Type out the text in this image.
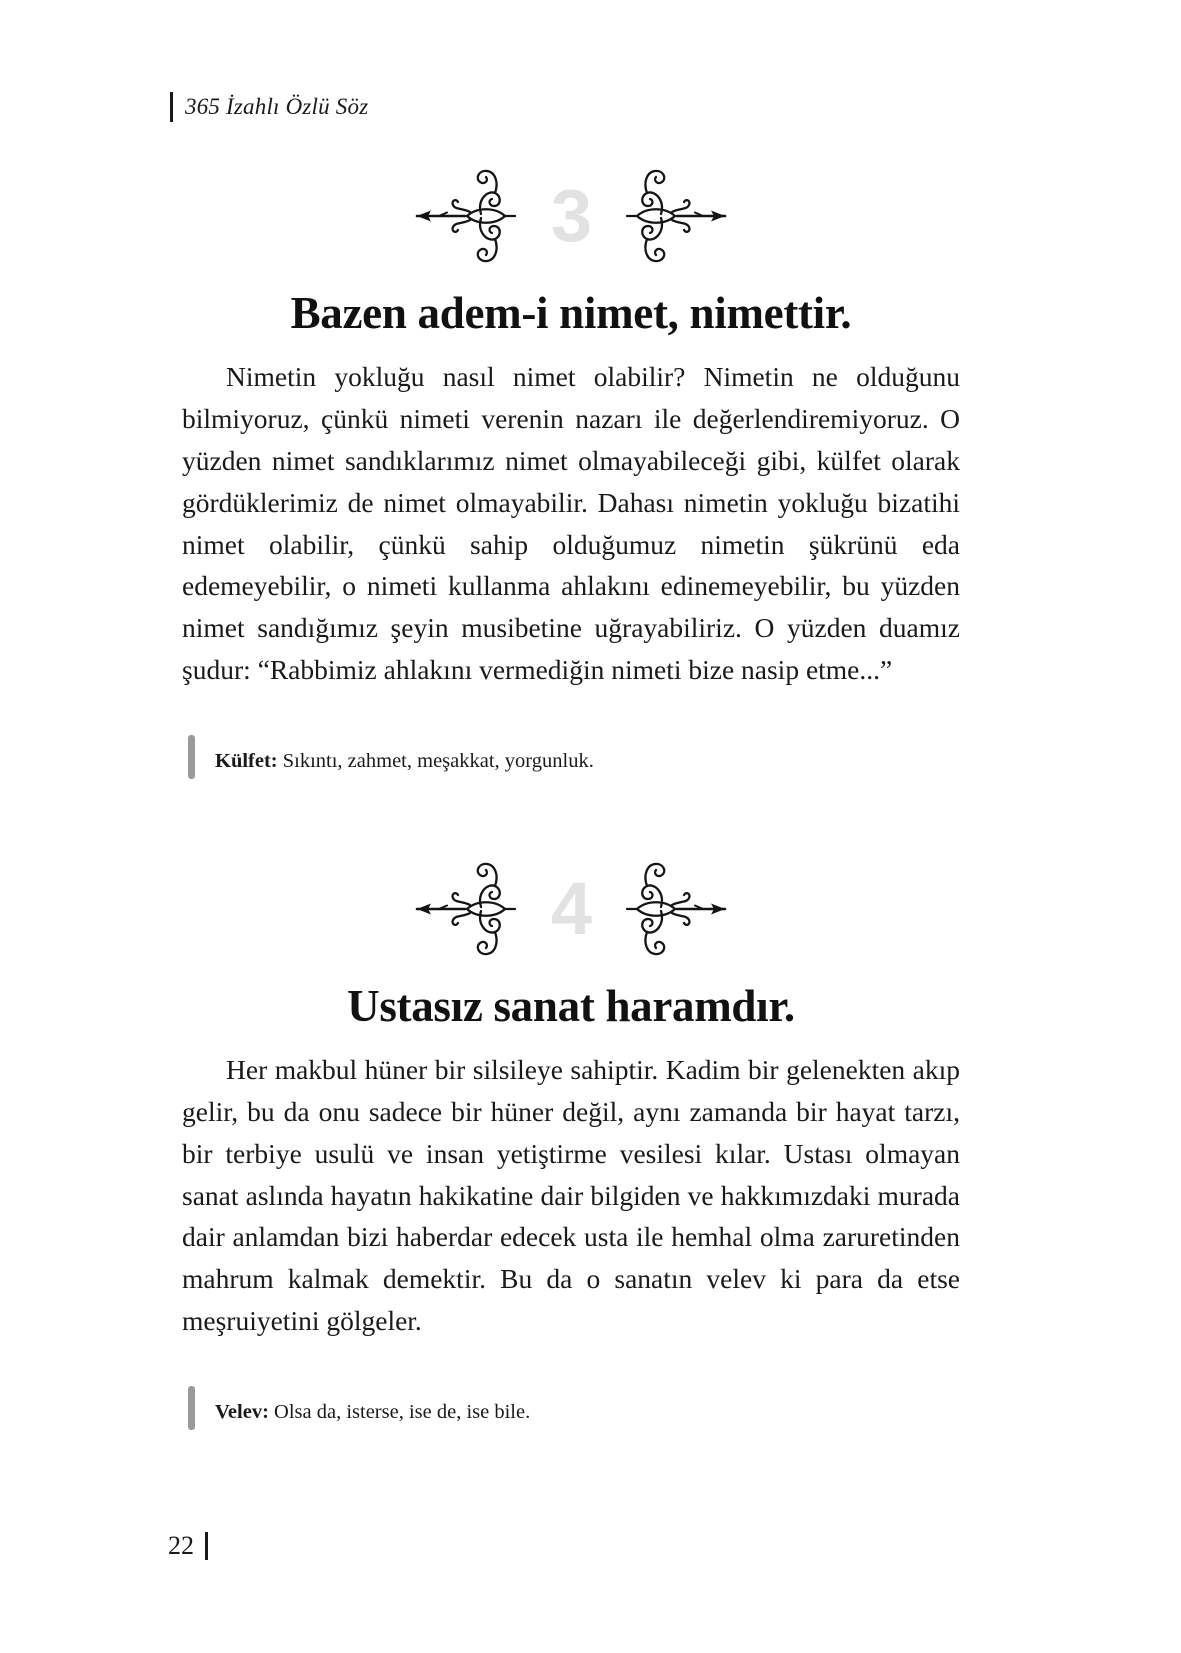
365 İzahlı Özlü Söz
3
Bazen adem-i nimet, nimettir.

Nimetin yokluğu nasıl nimet olabilir? Nimetin ne olduğunu bilmiyoruz, çünkü nimeti verenin nazarı ile değerlendiremiyoruz. O yüzden nimet sandıklarımız nimet olmayabileceği gibi, külfet olarak gördüklerimiz de nimet olmayabilir. Dahası nimetin yokluğu bizatihi nimet olabilir, çünkü sahip olduğumuz nimetin şükrünü eda edemeyebilir, o nimeti kullanma ahlakını edinemeyebilir, bu yüzden nimet sandığımız şeyin musibetine uğrayabiliriz. O yüzden duamız şudur: “Rabbimiz ahlakını vermediğin nimeti bize nasip etme...”

Külfet: Sıkıntı, zahmet, meşakkat, yorgunluk.
4
Ustasız sanat haramdır.

Her makbul hüner bir silsileye sahiptir. Kadim bir gelenekten akıp gelir, bu da onu sadece bir hüner değil, aynı zamanda bir hayat tarzı, bir terbiye usulü ve insan yetiştirme vesilesi kılar. Ustası olmayan sanat aslında hayatın hakikatine dair bilgiden ve hakkımızdaki murada dair anlamdan bizi haberdar edecek usta ile hemhal olma zaruretinden mahrum kalmak demektir. Bu da o sanatın velev ki para da etse meşruiyetini gölgeler.

Velev: Olsa da, isterse, ise de, ise bile.
22
